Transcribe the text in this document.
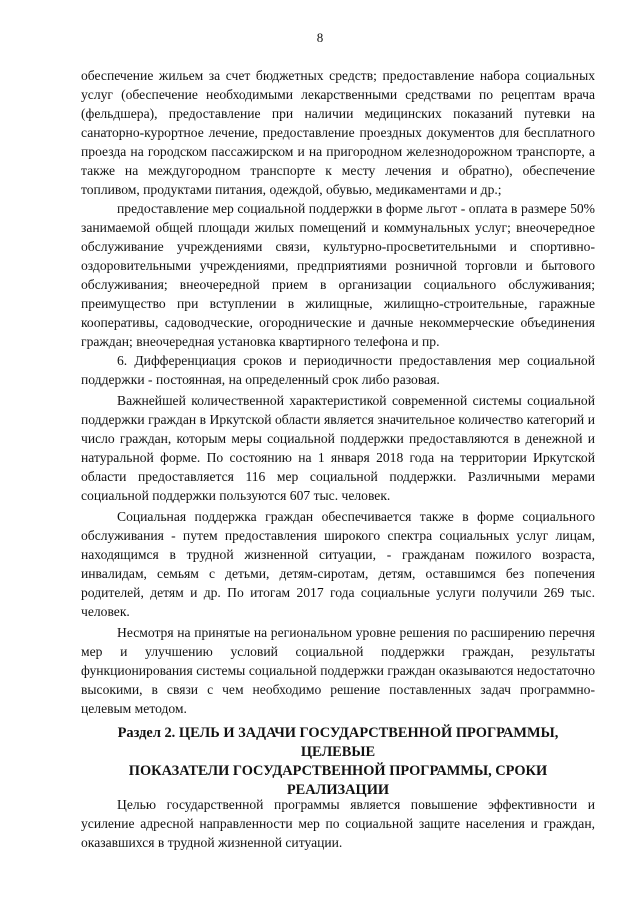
8

обеспечение жильем за счет бюджетных средств; предоставление набора социальных услуг (обеспечение необходимыми лекарственными средствами по рецептам врача (фельдшера), предоставление при наличии медицинских показаний путевки на санаторно-курортное лечение, предоставление проездных документов для бесплатного проезда на городском пассажирском и на пригородном железнодорожном транспорте, а также на междугородном транспорте к месту лечения и обратно), обеспечение топливом, продуктами питания, одеждой, обувью, медикаментами и др.;

предоставление мер социальной поддержки в форме льгот - оплата в размере 50% занимаемой общей площади жилых помещений и коммунальных услуг; внеочередное обслуживание учреждениями связи, культурно-просветительными и спортивно-оздоровительными учреждениями, предприятиями розничной торговли и бытового обслуживания; внеочередной прием в организации социального обслуживания; преимущество при вступлении в жилищные, жилищно-строительные, гаражные кооперативы, садоводческие, огороднические и дачные некоммерческие объединения граждан; внеочередная установка квартирного телефона и пр.

6. Дифференциация сроков и периодичности предоставления мер социальной поддержки - постоянная, на определенный срок либо разовая.

Важнейшей количественной характеристикой современной системы социальной поддержки граждан в Иркутской области является значительное количество категорий и число граждан, которым меры социальной поддержки предоставляются в денежной и натуральной форме. По состоянию на 1 января 2018 года на территории Иркутской области предоставляется 116 мер социальной поддержки. Различными мерами социальной поддержки пользуются 607 тыс. человек.

Социальная поддержка граждан обеспечивается также в форме социального обслуживания - путем предоставления широкого спектра социальных услуг лицам, находящимся в трудной жизненной ситуации, - гражданам пожилого возраста, инвалидам, семьям с детьми, детям-сиротам, детям, оставшимся без попечения родителей, детям и др. По итогам 2017 года социальные услуги получили 269 тыс. человек.

Несмотря на принятые на региональном уровне решения по расширению перечня мер и улучшению условий социальной поддержки граждан, результаты функционирования системы социальной поддержки граждан оказываются недостаточно высокими, в связи с чем необходимо решение поставленных задач программно-целевым методом.

Раздел 2. ЦЕЛЬ И ЗАДАЧИ ГОСУДАРСТВЕННОЙ ПРОГРАММЫ, ЦЕЛЕВЫЕ
ПОКАЗАТЕЛИ ГОСУДАРСТВЕННОЙ ПРОГРАММЫ, СРОКИ
РЕАЛИЗАЦИИ

Целью государственной программы является повышение эффективности и усиление адресной направленности мер по социальной защите населения и граждан, оказавшихся в трудной жизненной ситуации.
